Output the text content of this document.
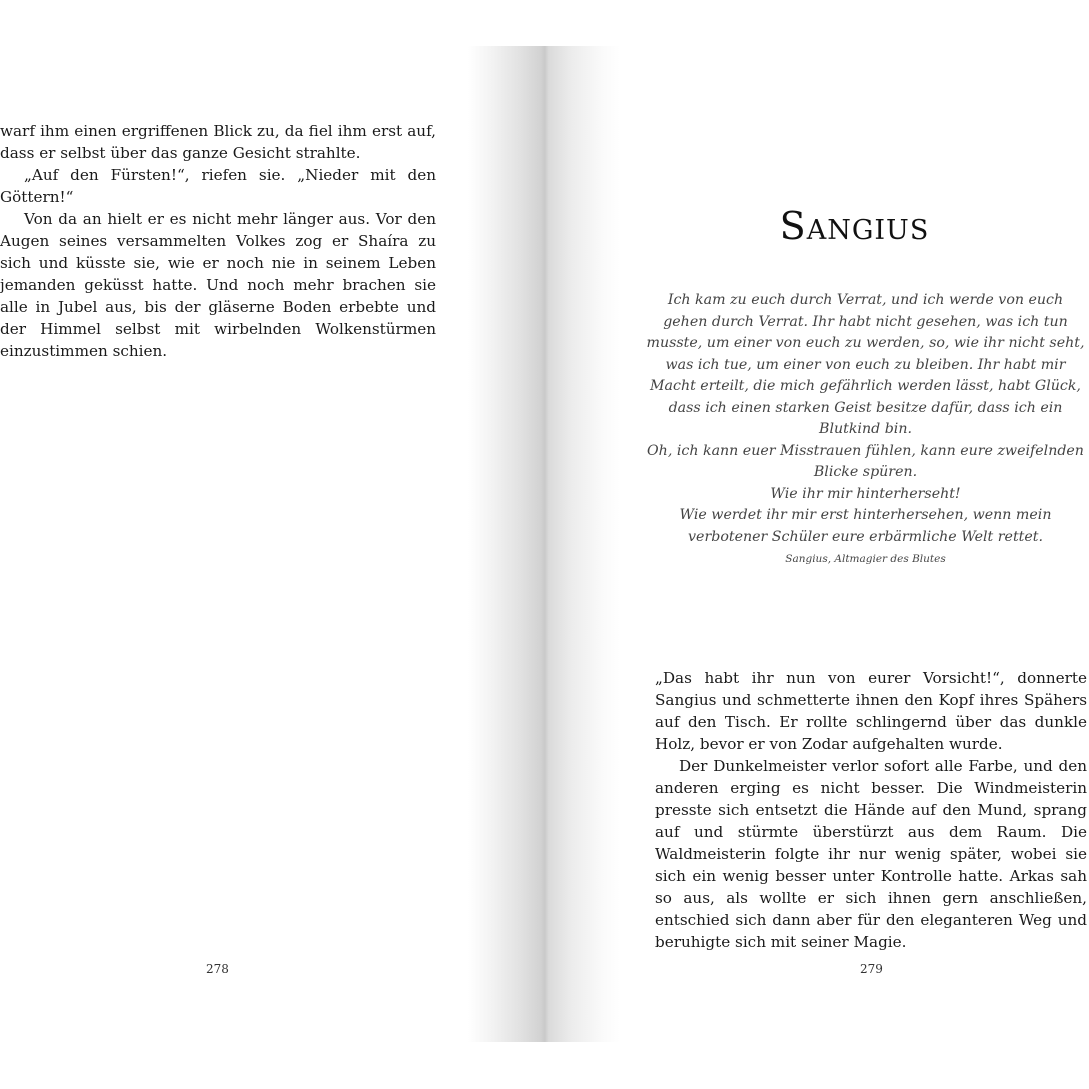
warf ihm einen ergriffenen Blick zu, da fiel ihm erst auf, dass er selbst über das ganze Gesicht strahlte.

„Auf den Fürsten!“, riefen sie. „Nieder mit den Göttern!“

Von da an hielt er es nicht mehr länger aus. Vor den Augen seines versammelten Volkes zog er Shaíra zu sich und küsste sie, wie er noch nie in seinem Leben jemanden geküsst hatte. Und noch mehr brachen sie alle in Jubel aus, bis der gläserne Boden erbebte und der Himmel selbst mit wirbelnden Wolkenstürmen einzustimmen schien.

278
Sangius

Ich kam zu euch durch Verrat, und ich werde von euch gehen durch Verrat. Ihr habt nicht gesehen, was ich tun musste, um einer von euch zu werden, so, wie ihr nicht seht, was ich tue, um einer von euch zu bleiben. Ihr habt mir Macht erteilt, die mich gefährlich werden lässt, habt Glück, dass ich einen starken Geist besitze dafür, dass ich ein Blutkind bin.

Oh, ich kann euer Misstrauen fühlen, kann eure zweifelnden Blicke spüren.

Wie ihr mir hinterherseht!

Wie werdet ihr mir erst hinterhersehen, wenn mein verbotener Schüler eure erbärmliche Welt rettet.

Sangius, Altmagier des Blutes

„Das habt ihr nun von eurer Vorsicht!“, donnerte Sangius und schmetterte ihnen den Kopf ihres Spähers auf den Tisch. Er rollte schlingernd über das dunkle Holz, bevor er von Zodar aufgehalten wurde.

Der Dunkelmeister verlor sofort alle Farbe, und den anderen erging es nicht besser. Die Windmeisterin presste sich entsetzt die Hände auf den Mund, sprang auf und stürmte überstürzt aus dem Raum. Die Waldmeisterin folgte ihr nur wenig später, wobei sie sich ein wenig besser unter Kontrolle hatte. Arkas sah so aus, als wollte er sich ihnen gern anschließen, entschied sich dann aber für den eleganteren Weg und beruhigte sich mit seiner Magie.

279
